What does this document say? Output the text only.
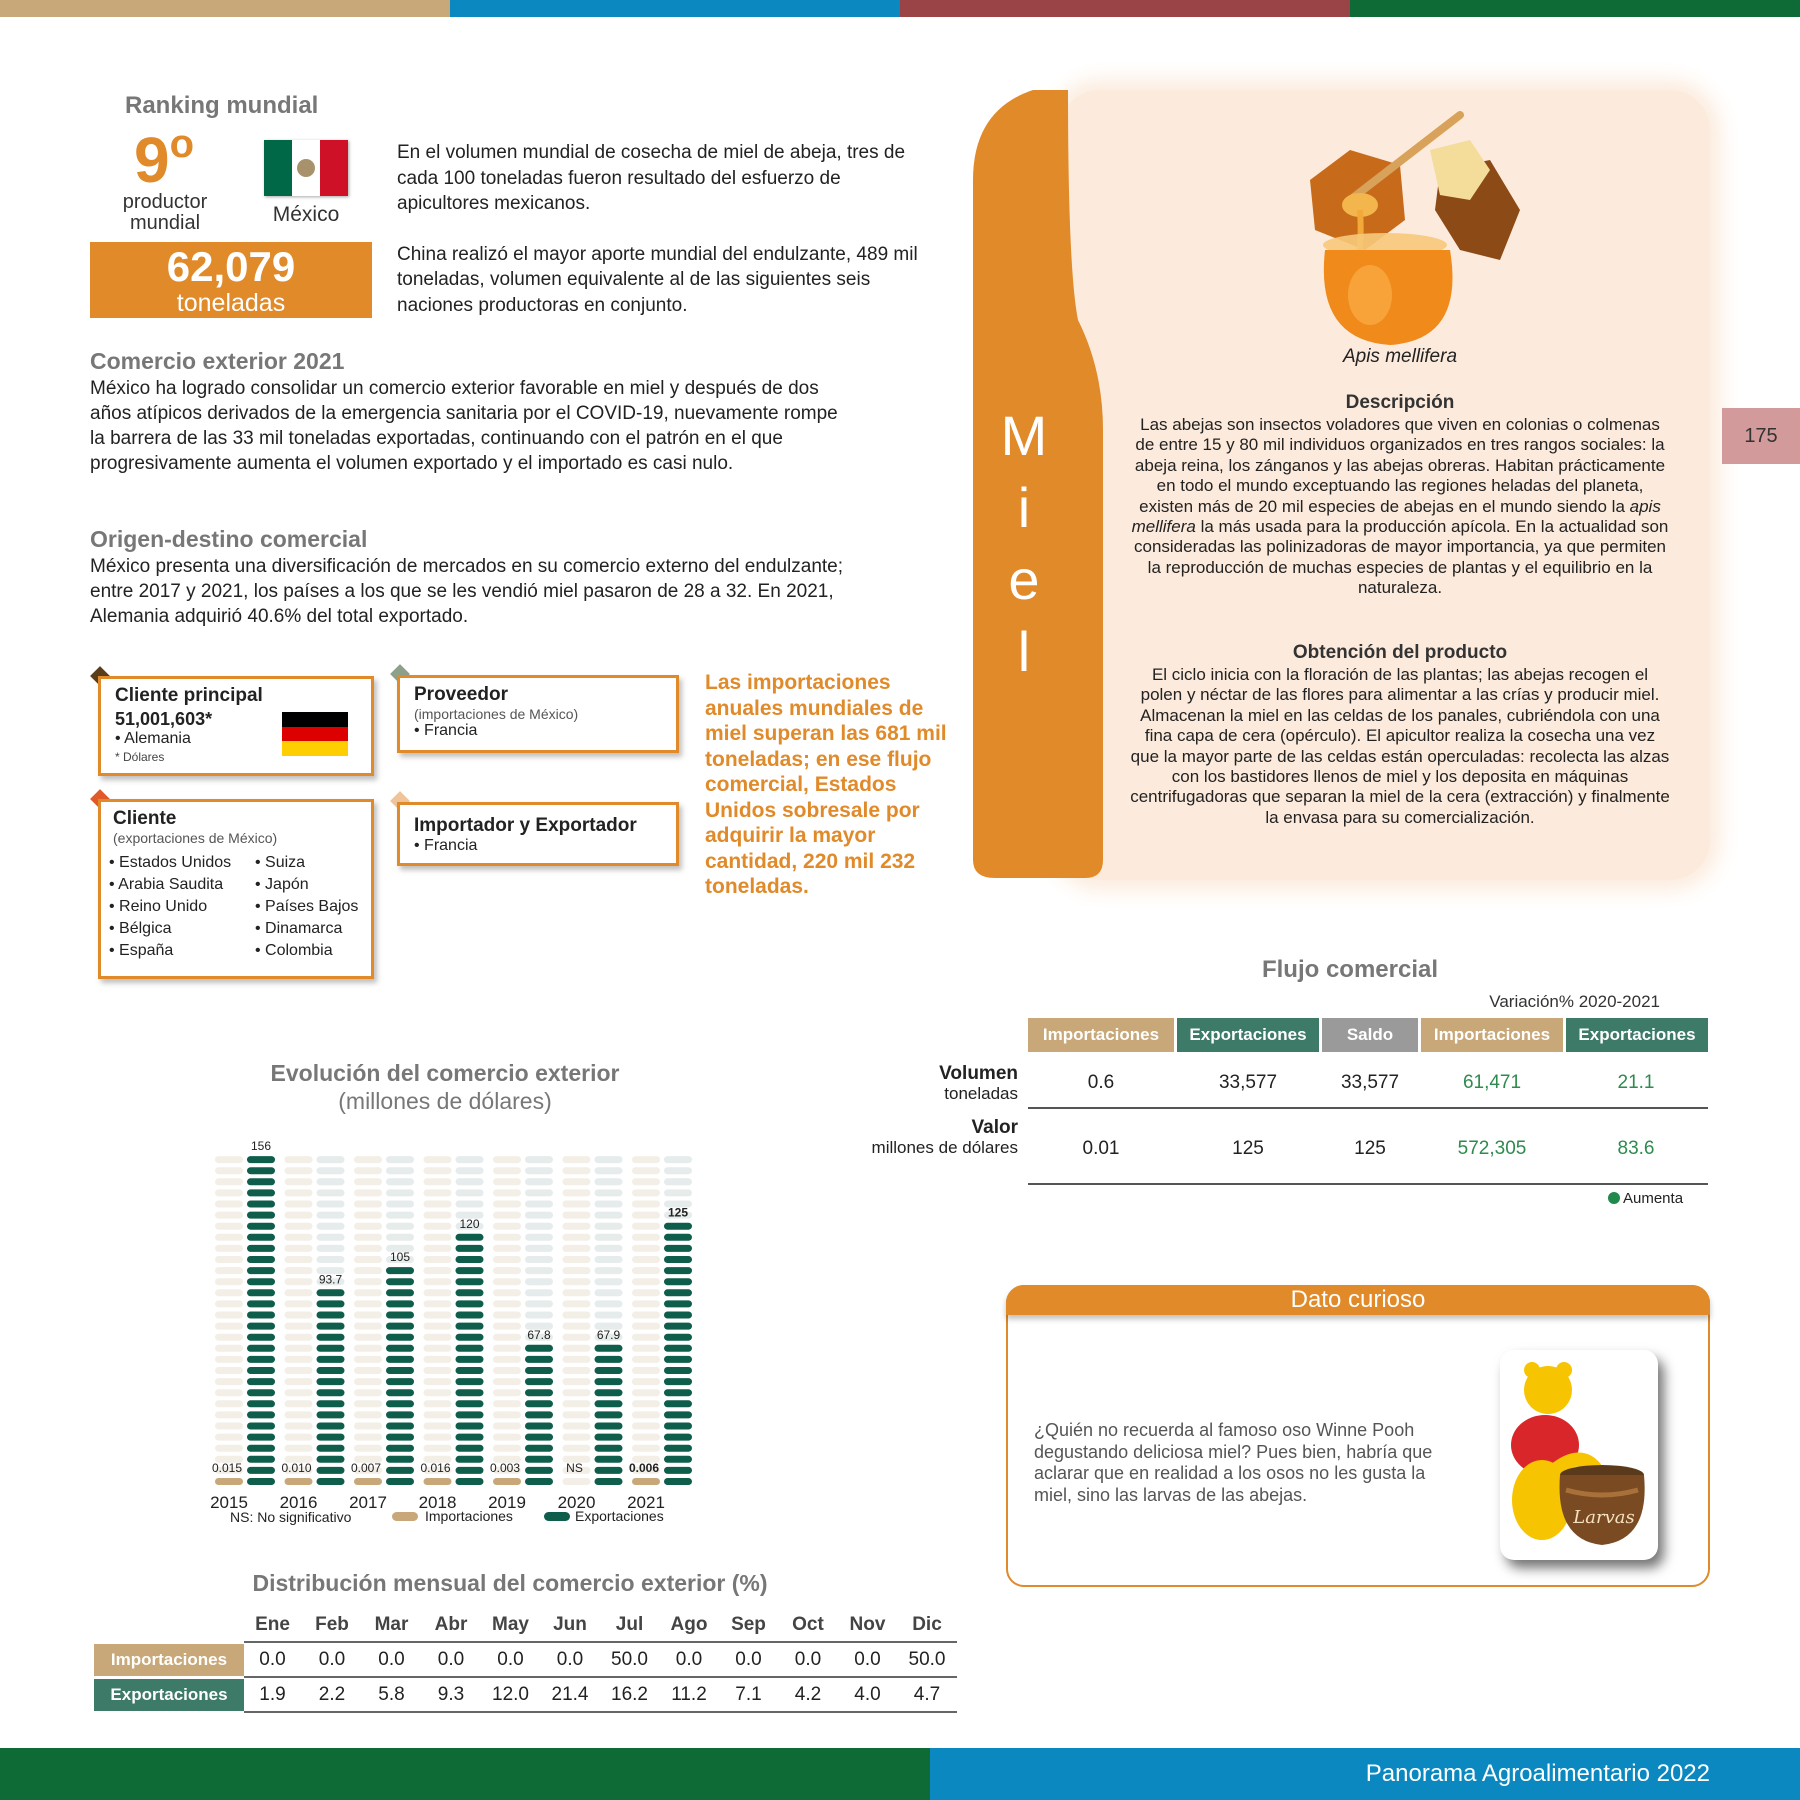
Ranking mundial
9$^o$
productor mundial	México
62,079
toneladas

En el volumen mundial de cosecha de miel de abeja, tres de cada 100 toneladas fueron resultado del esfuerzo de apicultores mexicanos.

China realizó el mayor aporte mundial del endulzante, 489 mil toneladas, volumen equivalente al de las siguientes seis naciones productoras en conjunto.

Comercio exterior 2021
México ha logrado consolidar un comercio exterior favorable en miel y después de dos años atípicos derivados de la emergencia sanitaria por el COVID-19, nuevamente rompe la barrera de las 33 mil toneladas exportadas, continuando con el patrón en el que progresivamente aumenta el volumen exportado y el importado es casi nulo.
Origen-destino comercial
México presenta una diversificación de mercados en su comercio externo del endulzante; entre 2017 y 2021, los países a los que se les vendió miel pasaron de 28 a 32. En 2021, Alemania adquirió 40.6% del total exportado.
Cliente principal
51,001,603*
• Alemania
* Dólares
Proveedor
(importaciones de México)
• Francia
Cliente
(exportaciones de México)
• Estados Unidos
• Arabia Saudita
• Reino Unido
• Bélgica
• España
• Suiza
• Japón
• Países Bajos
• Dinamarca
• Colombia
Importador y Exportador
• Francia
Las importaciones anuales mundiales de miel superan las 681 mil toneladas; en ese flujo comercial, Estados Unidos sobresale por adquirir la mayor cantidad, 220 mil 232 toneladas.
M
i
e
l
Apis mellifera
Descripción
Las abejas son insectos voladores que viven en colonias o colmenas de entre 15 y 80 mil individuos organizados en tres rangos sociales: la abeja reina, los zánganos y las abejas obreras. Habitan prácticamente en todo el mundo exceptuando las regiones heladas del planeta, existen más de 20 mil especies de abejas en el mundo siendo la apis mellifera la más usada para la producción apícola. En la actualidad son consideradas las polinizadoras de mayor importancia, ya que permiten la reproducción de muchas especies de plantas y el equilibrio en la naturaleza.
Obtención del producto
El ciclo inicia con la floración de las plantas; las abejas recogen el polen y néctar de las flores para alimentar a las crías y producir miel. Almacenan la miel en las celdas de los panales, cubriéndola con una fina capa de cera (opérculo). El apicultor realiza la cosecha una vez que la mayor parte de las celdas están operculadas: recolecta las alzas con los bastidores llenos de miel y los deposita en máquinas centrifugadoras que separan la miel de la cera (extracción) y finalmente la envasa para su comercialización.
175
Flujo comercial
Variación% 2020-2021
Importaciones	Exportaciones	Saldo	Importaciones	Exportaciones
Volumen
toneladas
0.6	33,577	33,577	61,471	21.1
Valor
millones de dólares	0.01	125	125	572,305	83.6
Aumenta
Dato curioso
¿Quién no recuerda al famoso oso Winne Pooh degustando deliciosa miel? Pues bien, habría que aclarar que en realidad a los osos no les gusta la miel, sino las larvas de las abejas.
Larvas
Evolución del comercio exterior
(millones de dólares)
156
0.015
2015
93.7
0.010
2016
105
0.007
2017
120
0.016
2018
67.8
0.003
2019
67.9
NS
2020
125
0.006
2021
NS: No significativo	Importaciones	Exportaciones
Distribución mensual del comercio exterior (%)
Ene	Feb	Mar	Abr	May	Jun	Jul	Ago	Sep	Oct	Nov	Dic
Importaciones	0.0	0.0	0.0	0.0	0.0	0.0	50.0	0.0	0.0	0.0	0.0	50.0
Exportaciones	1.9	2.2	5.8	9.3	12.0	21.4	16.2	11.2	7.1	4.2	4.0	4.7
Panorama Agroalimentario 2022
